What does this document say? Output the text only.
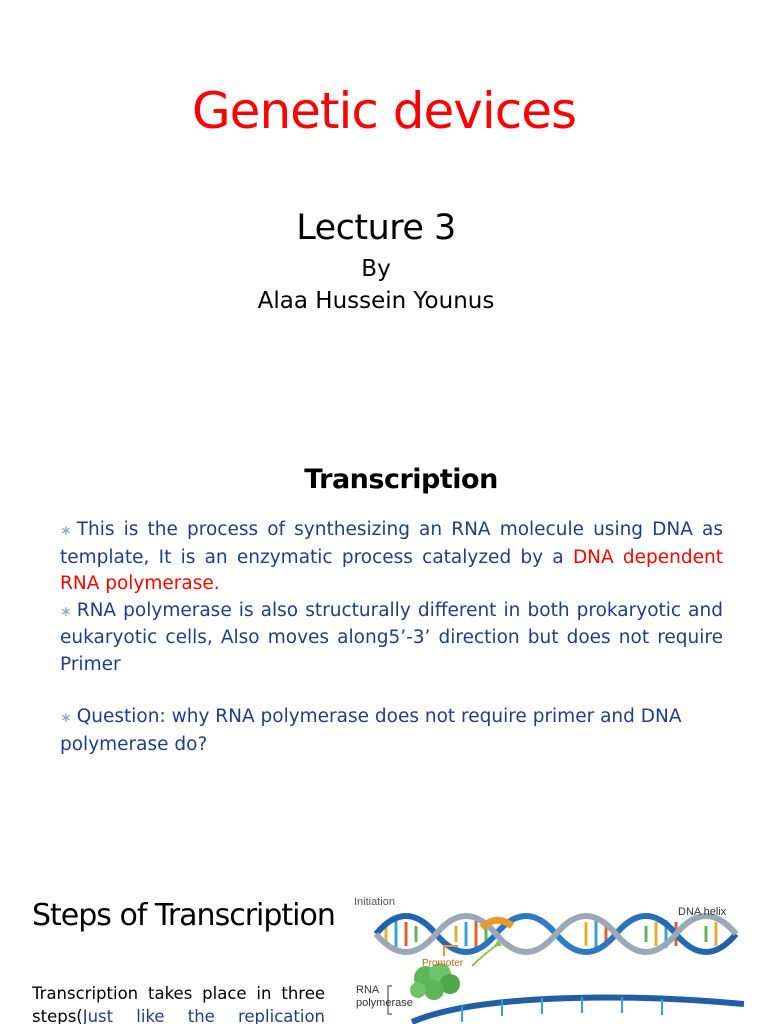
Genetic devices
Lecture 3
By
Alaa Hussein Younus
Transcription

∗ This is the process of synthesizing an RNA molecule using DNA as template, It is an enzymatic process catalyzed by a DNA dependent RNA polymerase.

∗ RNA polymerase is also structurally different in both prokaryotic and eukaryotic cells, Also moves along5’-3’ direction but does not require Primer

∗ Question: why RNA polymerase does not require primer and DNA polymerase do?

Steps of Transcription
Transcription takes place in three steps(Just like the replication
Initiation
DNA helix
Promoter
RNA polymerase
